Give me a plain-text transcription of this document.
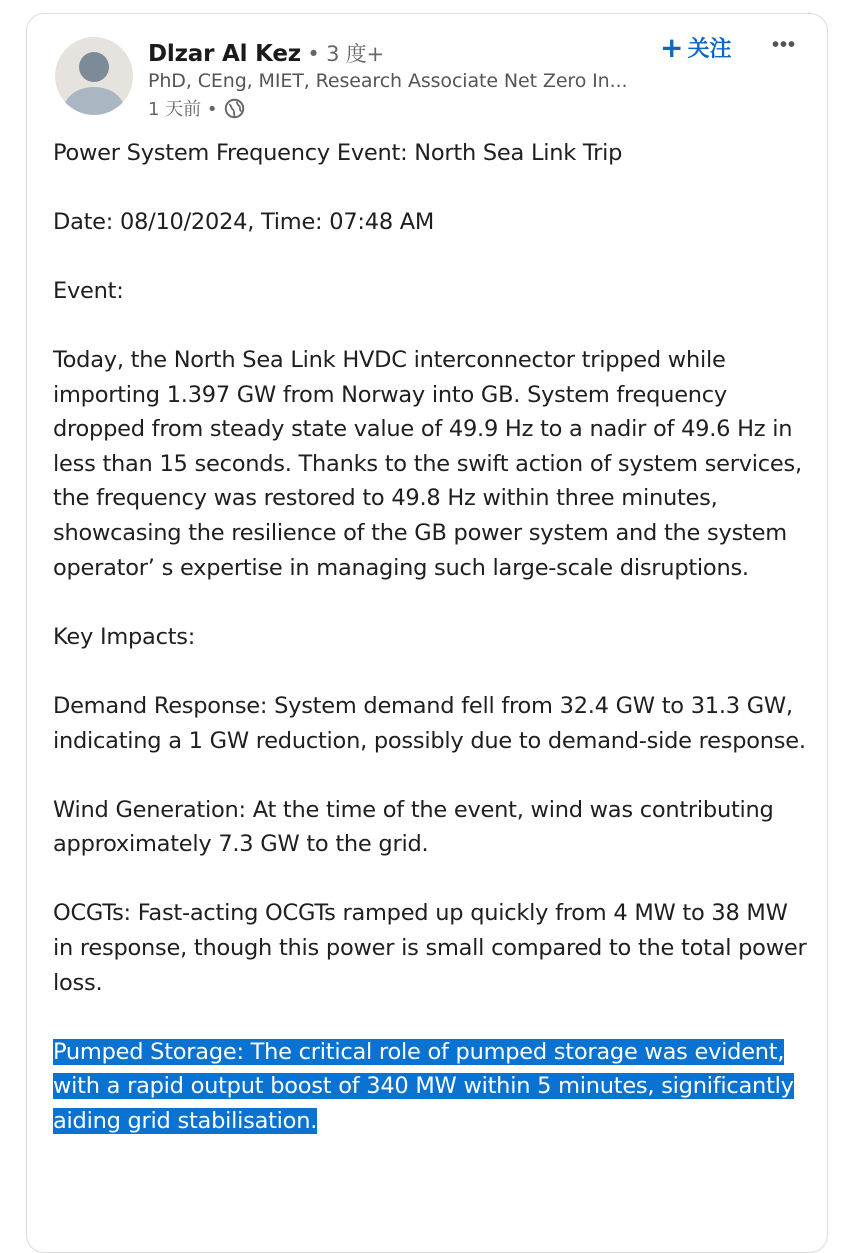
Dlzar Al Kez • 3 度+
PhD, CEng, MIET, Research Associate Net Zero In...
1 天前 •
+ 关注 •••

Power System Frequency Event: North Sea Link Trip

Date: 08/10/2024, Time: 07:48 AM

Event:

Today, the North Sea Link HVDC interconnector tripped while importing 1.397 GW from Norway into GB. System frequency dropped from steady state value of 49.9 Hz to a nadir of 49.6 Hz in less than 15 seconds. Thanks to the swift action of system services, the frequency was restored to 49.8 Hz within three minutes, showcasing the resilience of the GB power system and the system operator’ s expertise in managing such large-scale disruptions.

Key Impacts:

Demand Response: System demand fell from 32.4 GW to 31.3 GW, indicating a 1 GW reduction, possibly due to demand-side response.

Wind Generation: At the time of the event, wind was contributing approximately 7.3 GW to the grid.

OCGTs: Fast-acting OCGTs ramped up quickly from 4 MW to 38 MW in response, though this power is small compared to the total power loss.

Pumped Storage: The critical role of pumped storage was evident, with a rapid output boost of 340 MW within 5 minutes, significantly aiding grid stabilisation.
